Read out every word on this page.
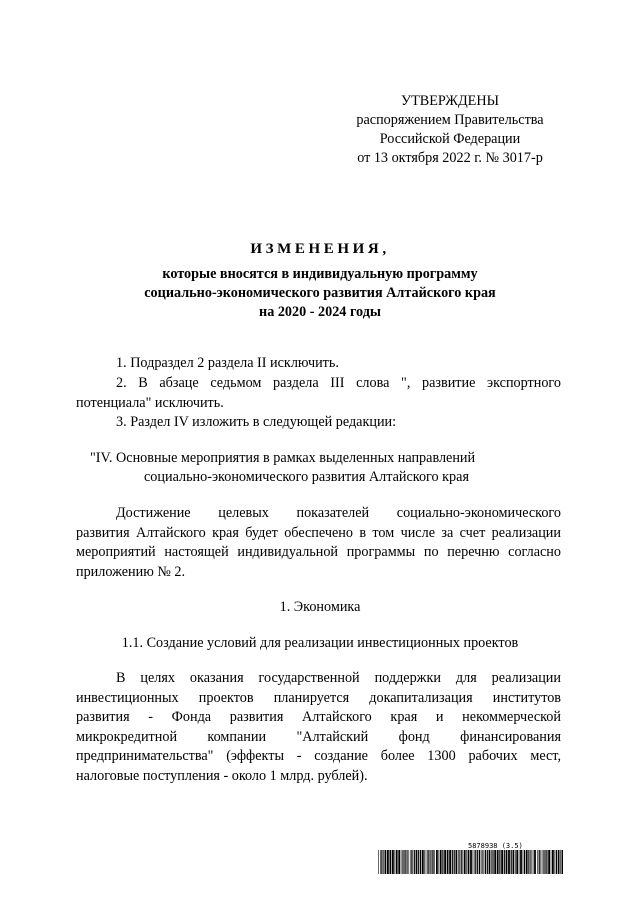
УТВЕРЖДЕНЫ
распоряжением Правительства
Российской Федерации
от 13 октября 2022 г. № 3017-р
ИЗМЕНЕНИЯ,
которые вносятся в индивидуальную программу
социально-экономического развития Алтайского края
на 2020 - 2024 годы
1. Подраздел 2 раздела II исключить.
2. В абзаце седьмом раздела III слова ", развитие экспортного
потенциала" исключить.
3. Раздел IV изложить в следующей редакции:
"IV. Основные мероприятия в рамках выделенных направлений
социально-экономического развития Алтайского края
Достижение целевых показателей социально-экономического
развития Алтайского края будет обеспечено в том числе за счет реализации
мероприятий настоящей индивидуальной программы по перечню согласно
приложению № 2.
1. Экономика
1.1. Создание условий для реализации инвестиционных проектов
В целях оказания государственной поддержки для реализации
инвестиционных проектов планируется докапитализация институтов
развития - Фонда развития Алтайского края и некоммерческой
микрокредитной компании "Алтайский фонд финансирования
предпринимательства" (эффекты - создание более 1300 рабочих мест,
налоговые поступления - около 1 млрд. рублей).
5878938 (3.5)
